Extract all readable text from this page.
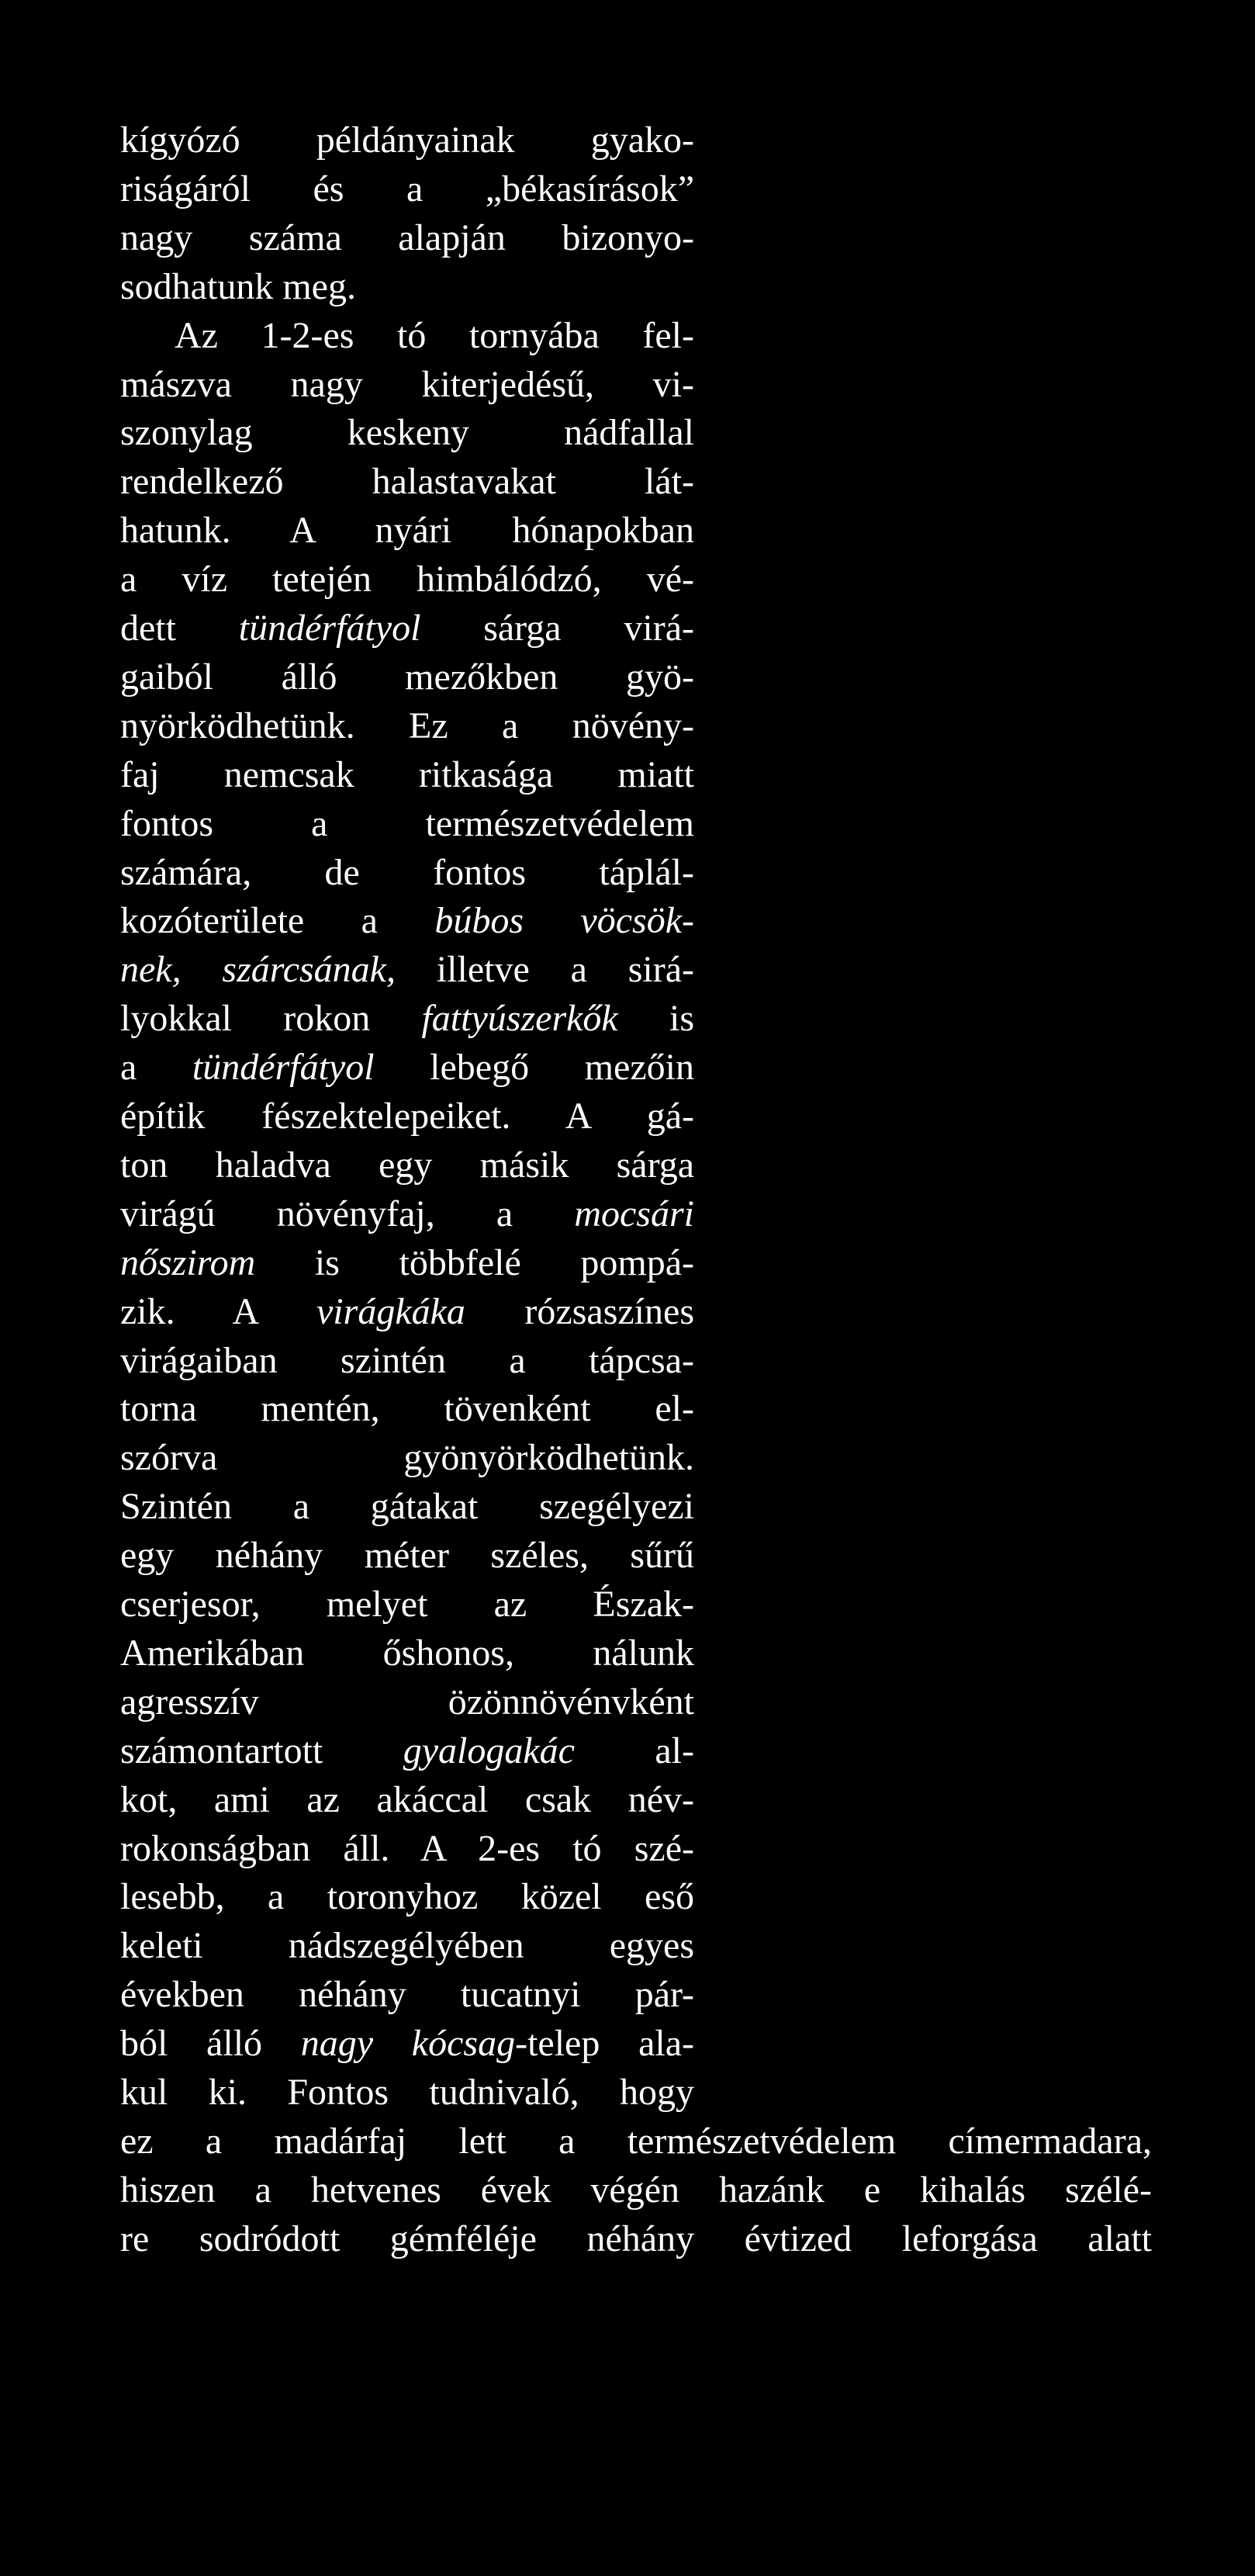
kígyózó példányainak gyako-
riságáról és a „békasírások”
nagy száma alapján bizonyo-
sodhatunk meg.
Az 1-2-es tó tornyába fel-
mászva nagy kiterjedésű, vi-
szonylag keskeny nádfallal
rendelkező halastavakat lát-
hatunk. A nyári hónapokban
a víz tetején himbálódzó, vé-
dett tündérfátyol sárga virá-
gaiból álló mezőkben gyö-
nyörködhetünk. Ez a növény-
faj nemcsak ritkasága miatt
fontos a természetvédelem
számára, de fontos táplál-
kozóterülete a búbos vöcsök-
nek, szárcsának, illetve a sirá-
lyokkal rokon fattyúszerkők is
a tündérfátyol lebegő mezőin
építik fészektelepeiket. A gá-
ton haladva egy másik sárga
virágú növényfaj, a mocsári
nőszirom is többfelé pompá-
zik. A virágkáka rózsaszínes
virágaiban szintén a tápcsa-
torna mentén, tövenként el-
szórva gyönyörködhetünk.
Szintén a gátakat szegélyezi
egy néhány méter széles, sűrű
cserjesor, melyet az Észak-
Amerikában őshonos, nálunk
agresszív özönnövénvként
számontartott gyalogakác al-
kot, ami az akáccal csak név-
rokonságban áll. A 2-es tó szé-
lesebb, a toronyhoz közel eső
keleti nádszegélyében egyes
években néhány tucatnyi pár-
ból álló nagy kócsag-telep ala-
kul ki. Fontos tudnivaló, hogy
ez a madárfaj lett a természetvédelem címermadara,
hiszen a hetvenes évek végén hazánk e kihalás szélé-
re sodródott gémféléje néhány évtized leforgása alatt
